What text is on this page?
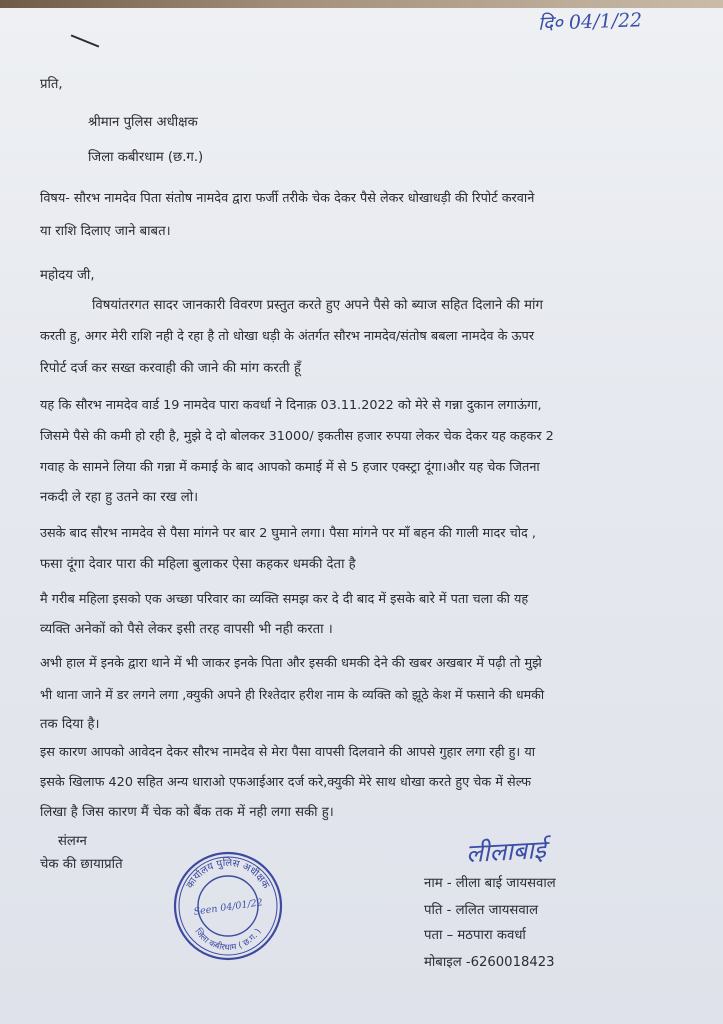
दि० 04/1/22
प्रति,
श्रीमान पुलिस अधीक्षक
जिला कबीरधाम (छ.ग.)
विषय- सौरभ नामदेव पिता संतोष नामदेव द्वारा फर्जी तरीके चेक देकर पैसे लेकर धोखाधड़ी की रिपोर्ट करवाने
या राशि दिलाए जाने बाबत।
महोदय जी,
विषयांतरगत सादर जानकारी विवरण प्रस्तुत करते हुए अपने पैसे को ब्याज सहित दिलाने की मांग
करती हु, अगर मेरी राशि नही दे रहा है तो धोखा धड़ी के अंतर्गत सौरभ नामदेव/संतोष बबला नामदेव के ऊपर
रिपोर्ट दर्ज कर सख्त करवाही की जाने की मांग करती हूँ
यह कि सौरभ नामदेव वार्ड 19 नामदेव पारा कवर्धा ने दिनाक़ 03.11.2022 को मेरे से गन्ना दुकान लगाऊंगा,
जिसमे पैसे की कमी हो रही है, मुझे दे दो बोलकर 31000/ इकतीस हजार रुपया लेकर चेक देकर यह कहकर 2
गवाह के सामने लिया की गन्ना में कमाई के बाद आपको कमाई में से 5 हजार एक्स्ट्रा दूंगा।और यह चेक जितना
नकदी ले रहा हु उतने का रख लो।
उसके बाद सौरभ नामदेव से पैसा मांगने पर बार 2 घुमाने लगा। पैसा मांगने पर माँ बहन की गाली मादर चोद ,
फसा दूंगा देवार पारा की महिला बुलाकर ऐसा कहकर धमकी देता है
मै गरीब महिला इसको एक अच्छा परिवार का व्यक्ति समझ कर दे दी बाद में इसके बारे में पता चला की यह
व्यक्ति अनेकों को पैसे लेकर इसी तरह वापसी भी नही करता ।
अभी हाल में इनके द्वारा थाने में भी जाकर इनके पिता और इसकी धमकी देने की खबर अखबार में पढ़ी तो मुझे
भी थाना जाने में डर लगने लगा ,क्युकी अपने ही रिश्तेदार हरीश नाम के व्यक्ति को झूठे केश में फसाने की धमकी
तक दिया है।
इस कारण आपको आवेदन देकर सौरभ नामदेव से मेरा पैसा वापसी दिलवाने की आपसे गुहार लगा रही हु। या
इसके खिलाफ 420 सहित अन्य धाराओ एफआईआर दर्ज करे,क्युकी मेरे साथ धोखा करते हुए चेक में सेल्फ
लिखा है जिस कारण मैं चेक को बैंक तक में नही लगा सकी हु।
संलग्न
चेक की छायाप्रति	लीलाबाई
नाम - लीला बाई जायसवाल
पति - ललित जायसवाल
पता – मठपारा कवर्धा
मोबाइल -6260018423
कार्यालय पुलिस अधीक्षक
जिला कबीरधाम ( छ.ग. )
Seen 04/01/22
